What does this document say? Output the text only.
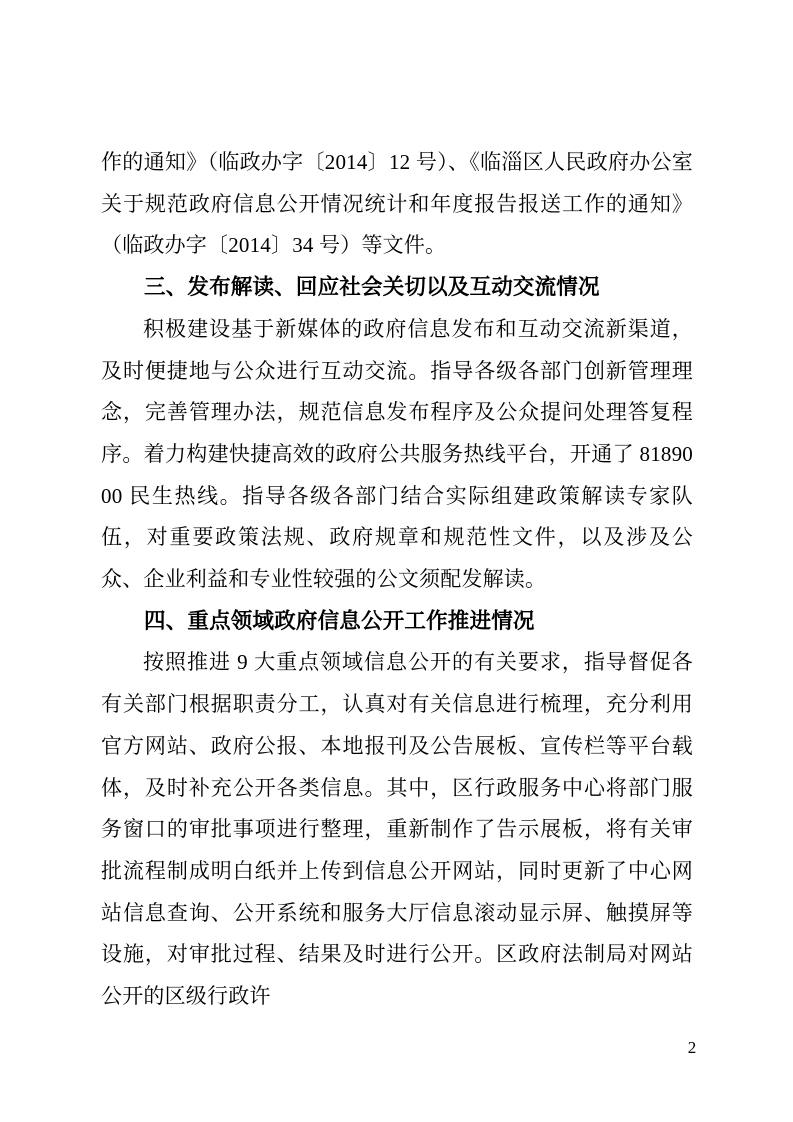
作的通知》（临政办字〔2014〕12 号）、《临淄区人民政府办公室关于规范政府信息公开情况统计和年度报告报送工作的通知》（临政办字〔2014〕34 号）等文件。

三、发布解读、回应社会关切以及互动交流情况

积极建设基于新媒体的政府信息发布和互动交流新渠道，及时便捷地与公众进行互动交流。指导各级各部门创新管理理念，完善管理办法，规范信息发布程序及公众提问处理答复程序。着力构建快捷高效的政府公共服务热线平台，开通了 8189000 民生热线。指导各级各部门结合实际组建政策解读专家队伍，对重要政策法规、政府规章和规范性文件，以及涉及公众、企业利益和专业性较强的公文须配发解读。

四、重点领域政府信息公开工作推进情况

按照推进 9 大重点领域信息公开的有关要求，指导督促各有关部门根据职责分工，认真对有关信息进行梳理，充分利用官方网站、政府公报、本地报刊及公告展板、宣传栏等平台载体，及时补充公开各类信息。其中，区行政服务中心将部门服务窗口的审批事项进行整理，重新制作了告示展板，将有关审批流程制成明白纸并上传到信息公开网站，同时更新了中心网站信息查询、公开系统和服务大厅信息滚动显示屏、触摸屏等设施，对审批过程、结果及时进行公开。区政府法制局对网站公开的区级行政许

2
